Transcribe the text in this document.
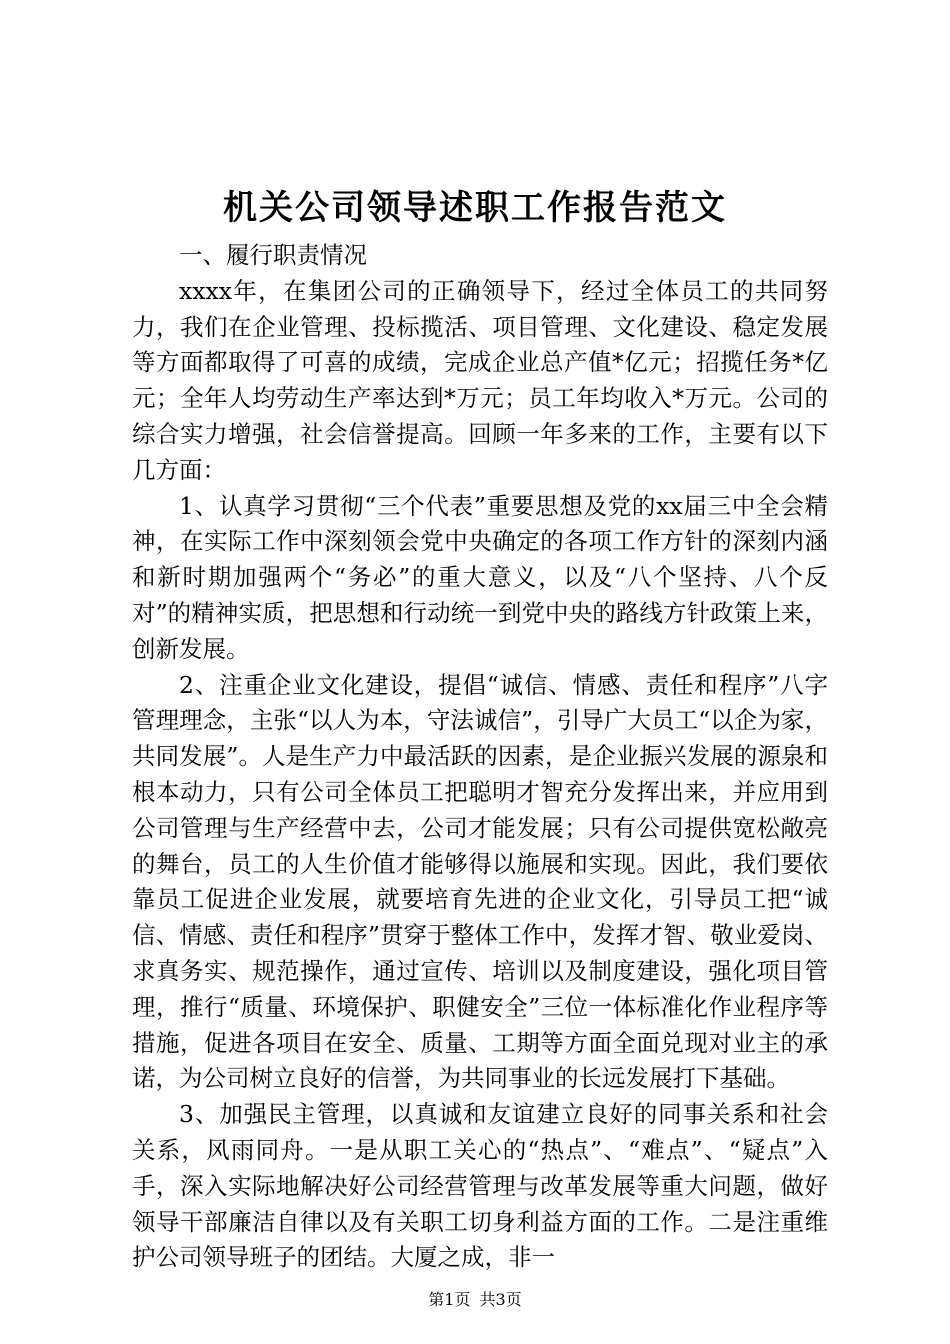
机关公司领导述职工作报告范文

一、履行职责情况

xxxx年，在集团公司的正确领导下，经过全体员工的共同努力，我们在企业管理、投标揽活、项目管理、文化建设、稳定发展等方面都取得了可喜的成绩，完成企业总产值*亿元；招揽任务*亿元；全年人均劳动生产率达到*万元；员工年均收入*万元。公司的综合实力增强，社会信誉提高。回顾一年多来的工作，主要有以下几方面：

1、认真学习贯彻“三个代表”重要思想及党的xx届三中全会精神，在实际工作中深刻领会党中央确定的各项工作方针的深刻内涵和新时期加强两个“务必”的重大意义，以及“八个坚持、八个反对”的精神实质，把思想和行动统一到党中央的路线方针政策上来，创新发展。

2、注重企业文化建设，提倡“诚信、情感、责任和程序”八字管理理念，主张“以人为本，守法诚信”，引导广大员工“以企为家，共同发展”。人是生产力中最活跃的因素，是企业振兴发展的源泉和根本动力，只有公司全体员工把聪明才智充分发挥出来，并应用到公司管理与生产经营中去，公司才能发展；只有公司提供宽松敞亮的舞台，员工的人生价值才能够得以施展和实现。因此，我们要依靠员工促进企业发展，就要培育先进的企业文化，引导员工把“诚信、情感、责任和程序”贯穿于整体工作中，发挥才智、敬业爱岗、求真务实、规范操作，通过宣传、培训以及制度建设，强化项目管理，推行“质量、环境保护、职健安全”三位一体标准化作业程序等措施，促进各项目在安全、质量、工期等方面全面兑现对业主的承诺，为公司树立良好的信誉，为共同事业的长远发展打下基础。

3、加强民主管理，以真诚和友谊建立良好的同事关系和社会关系，风雨同舟。一是从职工关心的“热点”、“难点”、“疑点”入手，深入实际地解决好公司经营管理与改革发展等重大问题，做好领导干部廉洁自律以及有关职工切身利益方面的工作。二是注重维护公司领导班子的团结。大厦之成，非一

第1页 共3页
